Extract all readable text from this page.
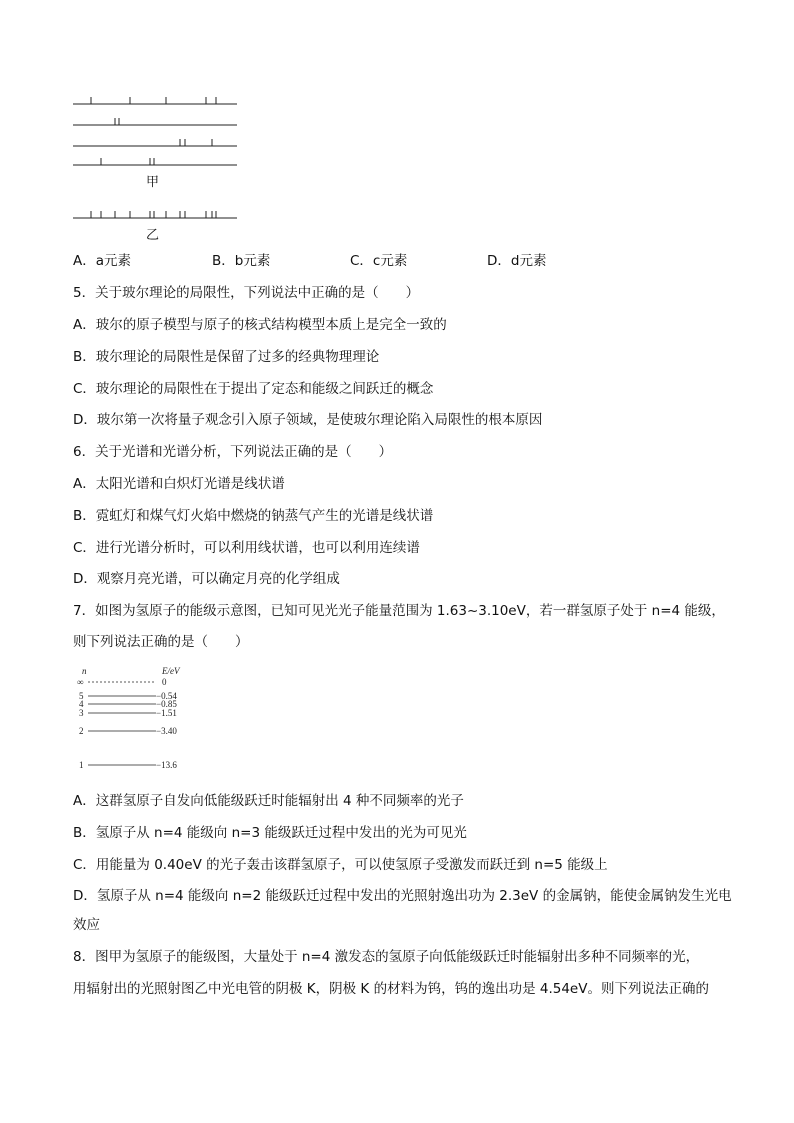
甲
乙
A．a元素	B．b元素	C．c元素	D．d元素
5．关于玻尔理论的局限性，下列说法中正确的是（　　）
A．玻尔的原子模型与原子的核式结构模型本质上是完全一致的
B．玻尔理论的局限性是保留了过多的经典物理理论
C．玻尔理论的局限性在于提出了定态和能级之间跃迁的概念
D．玻尔第一次将量子观念引入原子领域，是使玻尔理论陷入局限性的根本原因
6．关于光谱和光谱分析，下列说法正确的是（　　）
A．太阳光谱和白炽灯光谱是线状谱
B．霓虹灯和煤气灯火焰中燃烧的钠蒸气产生的光谱是线状谱
C．进行光谱分析时，可以利用线状谱，也可以利用连续谱
D．观察月亮光谱，可以确定月亮的化学组成
7．如图为氢原子的能级示意图，已知可见光光子能量范围为 1.63~3.10eV，若一群氢原子处于 n=4 能级，
则下列说法正确的是（　　）
n	E/eV
∞	0
5	−0.54
4	−0.85
3	−1.51
2	−3.40
1	−13.6
A．这群氢原子自发向低能级跃迁时能辐射出 4 种不同频率的光子
B．氢原子从 n=4 能级向 n=3 能级跃迁过程中发出的光为可见光
C．用能量为 0.40eV 的光子轰击该群氢原子，可以使氢原子受激发而跃迁到 n=5 能级上
D．氢原子从 n=4 能级向 n=2 能级跃迁过程中发出的光照射逸出功为 2.3eV 的金属钠，能使金属钠发生光电
效应
8．图甲为氢原子的能级图，大量处于 n=4 激发态的氢原子向低能级跃迁时能辐射出多种不同频率的光，
用辐射出的光照射图乙中光电管的阴极 K，阴极 K 的材料为钨，钨的逸出功是 4.54eV。则下列说法正确的
